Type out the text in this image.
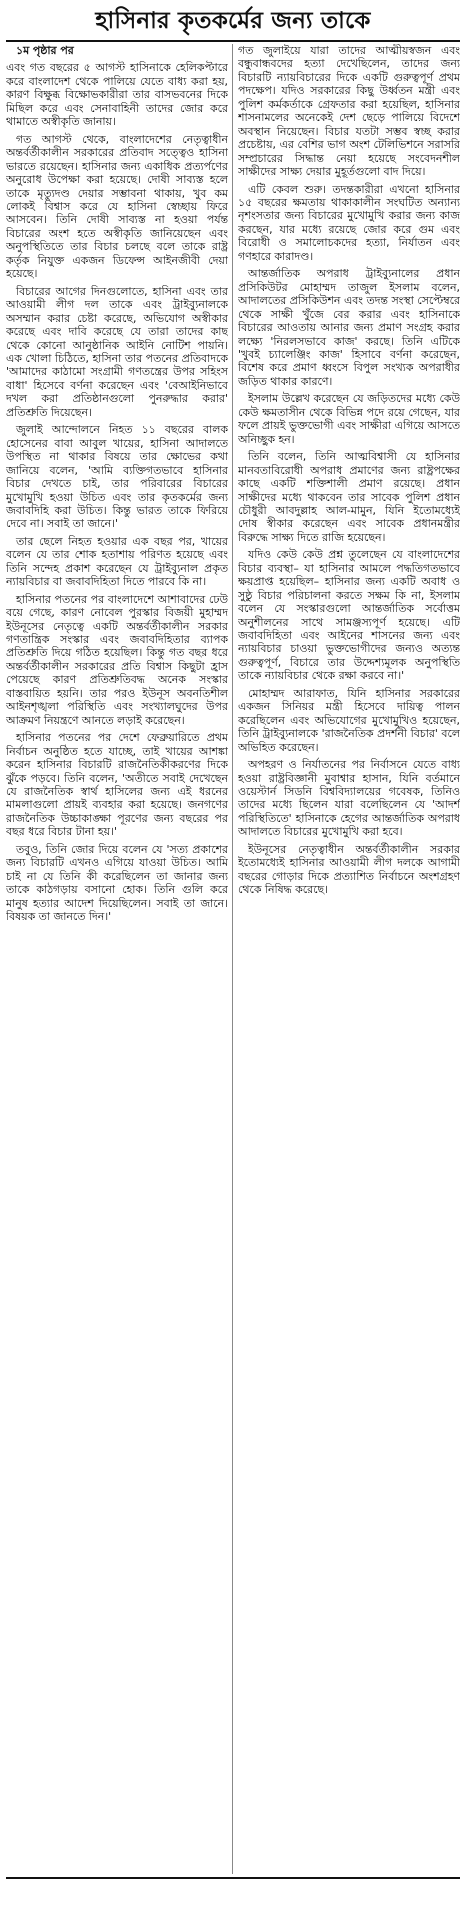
হাসিনার কৃতকর্মের জন্য তাকে

১ম পৃষ্ঠার পর

এবং গত বছরের ৫ আগস্ট হাসিনাকে হেলিকপ্টারে করে বাংলাদেশ থেকে পালিয়ে যেতে বাধ্য করা হয়, কারণ বিক্ষুব্ধ বিক্ষোভকারীরা তার বাসভবনের দিকে মিছিল করে এবং সেনাবাহিনী তাদের জোর করে থামাতে অস্বীকৃতি জানায়।

গত আগস্ট থেকে, বাংলাদেশের নেতৃত্বাধীন অন্তর্বর্তীকালীন সরকারের প্রতিবাদ সত্ত্বেও হাসিনা ভারতে রয়েছেন। হাসিনার জন্য একাধিক প্রত্যর্পণের অনুরোধ উপেক্ষা করা হয়েছে। দোষী সাব্যস্ত হলে তাকে মৃত্যুদণ্ড দেয়ার সম্ভাবনা থাকায়, খুব কম লোকই বিশ্বাস করে যে হাসিনা স্বেচ্ছায় ফিরে আসবেন। তিনি দোষী সাব্যস্ত না হওয়া পর্যন্ত বিচারের অংশ হতে অস্বীকৃতি জানিয়েছেন এবং অনুপস্থিতিতে তার বিচার চলছে বলে তাকে রাষ্ট্র কর্তৃক নিযুক্ত একজন ডিফেন্স আইনজীবী দেয়া হয়েছে।

বিচারের আগের দিনগুলোতে, হাসিনা এবং তার আওয়ামী লীগ দল তাকে এবং ট্রাইব্যুনালকে অসম্মান করার চেষ্টা করেছে, অভিযোগ অস্বীকার করেছে এবং দাবি করেছে যে তারা তাদের কাছ থেকে কোনো আনুষ্ঠানিক আইনি নোটিশ পায়নি। এক খোলা চিঠিতে, হাসিনা তার পতনের প্রতিবাদকে 'আমাদের কাঠামো সংগ্রামী গণতন্ত্রের উপর সহিংস বাধা' হিসেবে বর্ণনা করেছেন এবং 'বেআইনিভাবে দখল করা প্রতিষ্ঠানগুলো পুনরুদ্ধার করার' প্রতিশ্রুতি দিয়েছেন।

জুলাই আন্দোলনে নিহত ১১ বছরের বালক হোসেনের বাবা আবুল খায়ের, হাসিনা আদালতে উপস্থিত না থাকার বিষয়ে তার ক্ষোভের কথা জানিয়ে বলেন, 'আমি ব্যক্তিগতভাবে হাসিনার বিচার দেখতে চাই, তার পরিবারের বিচারের মুখোমুখি হওয়া উচিত এবং তার কৃতকর্মের জন্য জবাবদিহি করা উচিত। কিন্তু ভারত তাকে ফিরিয়ে দেবে না। সবাই তা জানে।'

তার ছেলে নিহত হওয়ার এক বছর পর, খায়ের বলেন যে তার শোক হতাশায় পরিণত হয়েছে এবং তিনি সন্দেহ প্রকাশ করেছেন যে ট্রাইব্যুনাল প্রকৃত ন্যায়বিচার বা জবাবদিহিতা দিতে পারবে কি না।

হাসিনার পতনের পর বাংলাদেশে আশাবাদের ঢেউ বয়ে গেছে, কারণ নোবেল পুরস্কার বিজয়ী মুহাম্মদ ইউনূসের নেতৃত্বে একটি অন্তর্বর্তীকালীন সরকার গণতান্ত্রিক সংস্কার এবং জবাবদিহিতার ব্যাপক প্রতিশ্রুতি দিয়ে গঠিত হয়েছিল। কিন্তু গত বছর ধরে অন্তর্বর্তীকালীন সরকারের প্রতি বিশ্বাস কিছুটা হ্রাস পেয়েছে কারণ প্রতিশ্রুতিবদ্ধ অনেক সংস্কার বাস্তবায়িত হয়নি। তার পরও ইউনূস অবনতিশীল আইনশৃঙ্খলা পরিস্থিতি এবং সংখ্যালঘুদের উপর আক্রমণ নিয়ন্ত্রণে আনতে লড়াই করেছেন।

হাসিনার পতনের পর দেশে ফেব্রুয়ারিতে প্রথম নির্বাচন অনুষ্ঠিত হতে যাচ্ছে, তাই খায়ের আশঙ্কা করেন হাসিনার বিচারটি রাজনৈতিকীকরণের দিকে ঝুঁকে পড়বে। তিনি বলেন, 'অতীতে সবাই দেখেছেন যে রাজনৈতিক স্বার্থ হাসিলের জন্য এই ধরনের মামলাগুলো প্রায়ই ব্যবহার করা হয়েছে। জনগণের রাজনৈতিক উচ্চাকাঙ্ক্ষা পূরণের জন্য বছরের পর বছর ধরে বিচার টানা হয়।'

তবুও, তিনি জোর দিয়ে বলেন যে 'সত্য প্রকাশের জন্য বিচারটি এখনও এগিয়ে যাওয়া উচিত। আমি চাই না যে তিনি কী করেছিলেন তা জানার জন্য তাকে কাঠগড়ায় বসানো হোক। তিনি গুলি করে মানুষ হত্যার আদেশ দিয়েছিলেন। সবাই তা জানে। বিষয়ক তা জানতে দিন।'

গত জুলাইয়ে যারা তাদের আত্মীয়স্বজন এবং বন্ধুবান্ধবদের হত্যা দেখেছিলেন, তাদের জন্য বিচারটি ন্যায়বিচারের দিকে একটি গুরুত্বপূর্ণ প্রথম পদক্ষেপ। যদিও সরকারের কিছু উর্ধ্বতন মন্ত্রী এবং পুলিশ কর্মকর্তাকে গ্রেফতার করা হয়েছিল, হাসিনার শাসনামলের অনেকেই দেশ ছেড়ে পালিয়ে বিদেশে অবস্থান নিয়েছেন। বিচার যতটা সম্ভব স্বচ্ছ করার প্রচেষ্টায়, এর বেশির ভাগ অংশ টেলিভিশনে সরাসরি সম্প্রচারের সিদ্ধান্ত নেয়া হয়েছে সংবেদনশীল সাক্ষীদের সাক্ষ্য দেয়ার মুহূর্তগুলো বাদ দিয়ে।

এটি কেবল শুরু। তদন্তকারীরা এখনো হাসিনার ১৫ বছরের ক্ষমতায় থাকাকালীন সংঘটিত অন্যান্য নৃশংসতার জন্য বিচারের মুখোমুখি করার জন্য কাজ করছেন, যার মধ্যে রয়েছে জোর করে গুম এবং বিরোধী ও সমালোচকদের হত্যা, নির্যাতন এবং গণহারে কারাদণ্ড।

আন্তর্জাতিক অপরাধ ট্রাইব্যুনালের প্রধান প্রসিকিউটর মোহাম্মদ তাজুল ইসলাম বলেন, আদালতের প্রসিকিউশন এবং তদন্ত সংস্থা সেপ্টেম্বরে থেকে সাক্ষী খুঁজে বের করার এবং হাসিনাকে বিচারের আওতায় আনার জন্য প্রমাণ সংগ্রহ করার লক্ষ্যে 'নিরলসভাবে কাজ' করছে। তিনি এটিকে 'খুবই চ্যালেঞ্জিং কাজ' হিসাবে বর্ণনা করেছেন, বিশেষ করে প্রমাণ ধ্বংসে বিপুল সংখ্যক অপরাধীর জড়িত থাকার কারণে।

ইসলাম উল্লেখ করেছেন যে জড়িতদের মধ্যে কেউ কেউ ক্ষমতাসীন থেকে বিভিন্ন পদে রয়ে গেছেন, যার ফলে প্রায়ই ভুক্তভোগী এবং সাক্ষীরা এগিয়ে আসতে অনিচ্ছুক হন।

তিনি বলেন, তিনি আত্মবিশ্বাসী যে হাসিনার মানবতাবিরোধী অপরাধ প্রমাণের জন্য রাষ্ট্রপক্ষের কাছে একটি শক্তিশালী প্রমাণ রয়েছে। প্রধান সাক্ষীদের মধ্যে থাকবেন তার সাবেক পুলিশ প্রধান চৌধুরী আবদুল্লাহ আল-মামুন, যিনি ইতোমধ্যেই দোষ স্বীকার করেছেন এবং সাবেক প্রধানমন্ত্রীর বিরুদ্ধে সাক্ষ্য দিতে রাজি হয়েছেন।

যদিও কেউ কেউ প্রশ্ন তুলেছেন যে বাংলাদেশের বিচার ব্যবস্থা– যা হাসিনার আমলে পদ্ধতিগতভাবে ক্ষয়প্রাপ্ত হয়েছিল– হাসিনার জন্য একটি অবাধ ও সুষ্ঠু বিচার পরিচালনা করতে সক্ষম কি না, ইসলাম বলেন যে সংস্কারগুলো আন্তর্জাতিক সর্বোত্তম অনুশীলনের সাথে সামঞ্জস্যপূর্ণ হয়েছে। এটি জবাবদিহিতা এবং আইনের শাসনের জন্য এবং ন্যায়বিচার চাওয়া ভুক্তভোগীদের জন্যও অত্যন্ত গুরুত্বপূর্ণ, বিচারে তার উদ্দেশ্যমূলক অনুপস্থিতি তাকে ন্যায়বিচার থেকে রক্ষা করবে না।'

মোহাম্মদ আরাফাত, যিনি হাসিনার সরকারের একজন সিনিয়র মন্ত্রী হিসেবে দায়িত্ব পালন করেছিলেন এবং অভিযোগের মুখোমুখিও হয়েছেন, তিনি ট্রাইব্যুনালকে 'রাজনৈতিক প্রদর্শনী বিচার' বলে অভিহিত করেছেন।

অপহরণ ও নির্যাতনের পর নির্বাসনে যেতে বাধ্য হওয়া রাষ্ট্রবিজ্ঞানী মুবাশ্বার হাসান, যিনি বর্তমানে ওয়েস্টার্ন সিডনি বিশ্ববিদ্যালয়ের গবেষক, তিনিও তাদের মধ্যে ছিলেন যারা বলেছিলেন যে 'আদর্শ পরিস্থিতিতে' হাসিনাকে হেগের আন্তর্জাতিক অপরাধ আদালতে বিচারের মুখোমুখি করা হবে।

ইউনূসের নেতৃত্বাধীন অন্তর্বর্তীকালীন সরকার ইতোমধ্যেই হাসিনার আওয়ামী লীগ দলকে আগামী বছরের গোড়ার দিকে প্রত্যাশিত নির্বাচনে অংশগ্রহণ থেকে নিষিদ্ধ করেছে।
